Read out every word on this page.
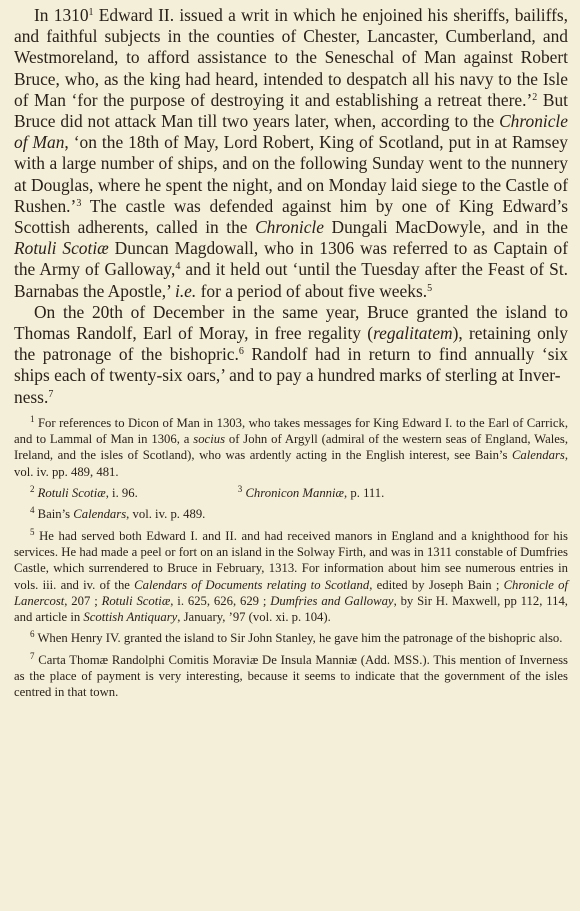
In 1310$^1$ Edward II. issued a writ in which he enjoined his sheriffs, bailiffs, and faithful subjects in the counties of Chester, Lancaster, Cumberland, and Westmoreland, to afford assistance to the Seneschal of Man against Robert Bruce, who, as the king had heard, intended to despatch all his navy to the Isle of Man ‘for the purpose of destroying it and establishing a retreat there.’$^2$ But Bruce did not attack Man till two years later, when, according to the Chronicle of Man, ‘on the 18th of May, Lord Robert, King of Scotland, put in at Ramsey with a large number of ships, and on the following Sunday went to the nunnery at Douglas, where he spent the night, and on Monday laid siege to the Castle of Rushen.’$^3$ The castle was defended against him by one of King Edward’s Scottish adherents, called in the Chronicle Dungali MacDowyle, and in the Rotuli Scotiæ Duncan Magdowall, who in 1306 was referred to as Captain of the Army of Galloway,$^4$ and it held out ‘until the Tuesday after the Feast of St. Barnabas the Apostle,’ i.e. for a period of about five weeks.$^5$

On the 20th of December in the same year, Bruce granted the island to Thomas Randolf, Earl of Moray, in free regality (regalitatem), retaining only the patronage of the bishopric.$^6$ Randolf had in return to find annually ‘six ships each of twenty-six oars,’ and to pay a hundred marks of sterling at Inver-
ness.$^7$

$^1$ For references to Dicon of Man in 1303, who takes messages for King Edward I. to the Earl of Carrick, and to Lammal of Man in 1306, a socius of John of Argyll (admiral of the western seas of England, Wales, Ireland, and the isles of Scotland), who was ardently acting in the English interest, see Bain’s Calendars, vol. iv. pp. 489, 481.

$^2$ Rotuli Scotiæ, i. 96.	$^3$ Chronicon Manniæ, p. 111.

$^4$ Bain’s Calendars, vol. iv. p. 489.

$^5$ He had served both Edward I. and II. and had received manors in England and a knighthood for his services. He had made a peel or fort on an island in the Solway Firth, and was in 1311 constable of Dumfries Castle, which surrendered to Bruce in February, 1313. For information about him see numerous entries in vols. iii. and iv. of the Calendars of Documents relating to Scotland, edited by Joseph Bain ; Chronicle of Lanercost, 207 ; Rotuli Scotiæ, i. 625, 626, 629 ; Dumfries and Galloway, by Sir H. Maxwell, pp 112, 114, and article in Scottish Antiquary, January, ’97 (vol. xi. p. 104).

$^6$ When Henry IV. granted the island to Sir John Stanley, he gave him the patronage of the bishopric also.

$^7$ Carta Thomæ Randolphi Comitis Moraviæ De Insula Manniæ (Add. MSS.). This mention of Inverness as the place of payment is very interesting, because it seems to indicate that the government of the isles centred in that town.
